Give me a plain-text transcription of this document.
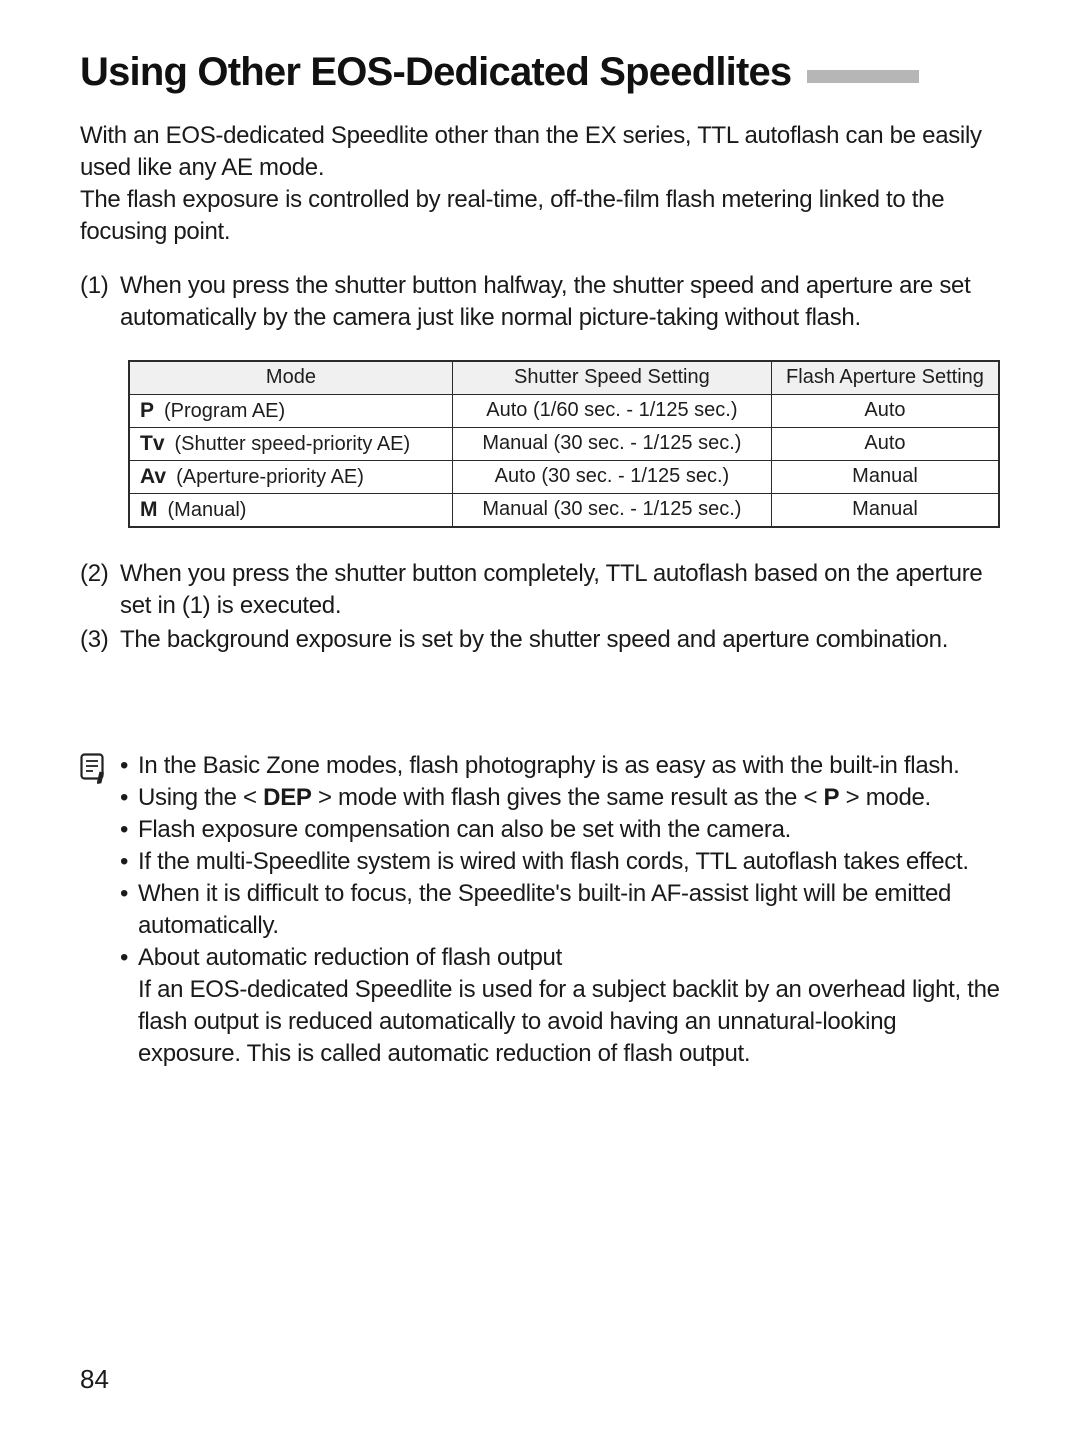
Using Other EOS-Dedicated Speedlites

With an EOS-dedicated Speedlite other than the EX series, TTL autoflash can be easily used like any AE mode.

The flash exposure is controlled by real-time, off-the-film flash metering linked to the focusing point.

(1) When you press the shutter button halfway, the shutter speed and aperture are set automatically by the camera just like normal picture-taking without flash.
Mode	Shutter Speed Setting	Flash Aperture Setting
P (Program AE)	Auto (1/60 sec. - 1/125 sec.)	Auto
Tv (Shutter speed-priority AE)	Manual (30 sec. - 1/125 sec.)	Auto
Av (Aperture-priority AE)	Auto (30 sec. - 1/125 sec.)	Manual
M (Manual)	Manual (30 sec. - 1/125 sec.)	Manual
(2) When you press the shutter button completely, TTL autoflash based on the aperture set in (1) is executed.
(3) The background exposure is set by the shutter speed and aperture combination.
• In the Basic Zone modes, flash photography is as easy as with the built-in flash.
• Using the < DEP > mode with flash gives the same result as the < P > mode.
• Flash exposure compensation can also be set with the camera.
• If the multi-Speedlite system is wired with flash cords, TTL autoflash takes effect.
• When it is difficult to focus, the Speedlite's built-in AF-assist light will be emitted automatically.
• About automatic reduction of flash output
If an EOS-dedicated Speedlite is used for a subject backlit by an overhead light, the flash output is reduced automatically to avoid having an unnatural-looking exposure. This is called automatic reduction of flash output.
84
